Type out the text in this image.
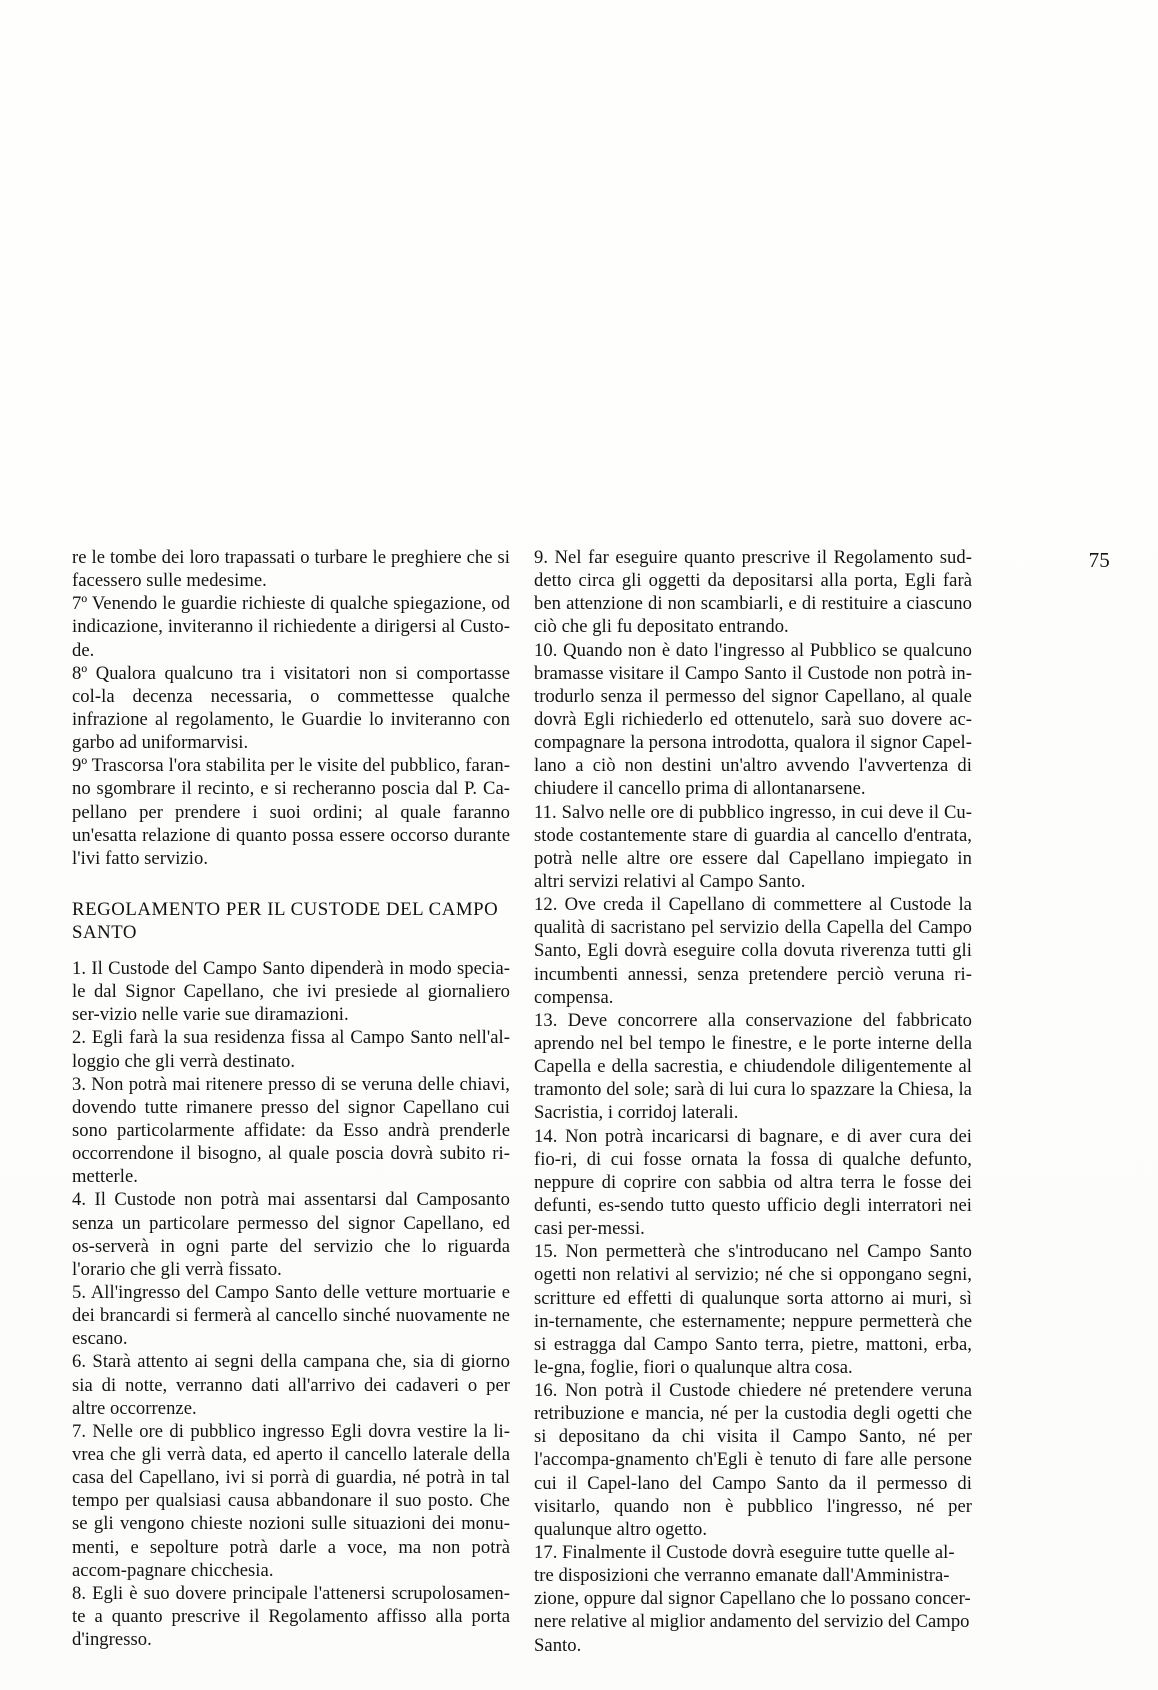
75

re le tombe dei loro trapassati o turbare le preghiere che si facessero sulle medesime.

7º Venendo le guardie richieste di qualche spiegazione, od indicazione, inviteranno il richiedente a dirigersi al Custo-de.

8º Qualora qualcuno tra i visitatori non si comportasse col-la decenza necessaria, o commettesse qualche infrazione al regolamento, le Guardie lo inviteranno con garbo ad uniformarvisi.

9º Trascorsa l'ora stabilita per le visite del pubblico, faran-no sgombrare il recinto, e si recheranno poscia dal P. Ca-pellano per prendere i suoi ordini; al quale faranno un'esatta relazione di quanto possa essere occorso durante l'ivi fatto servizio.

REGOLAMENTO PER IL CUSTODE DEL CAMPO SANTO

1. Il Custode del Campo Santo dipenderà in modo specia-le dal Signor Capellano, che ivi presiede al giornaliero ser-vizio nelle varie sue diramazioni.

2. Egli farà la sua residenza fissa al Campo Santo nell'al-loggio che gli verrà destinato.

3. Non potrà mai ritenere presso di se veruna delle chiavi, dovendo tutte rimanere presso del signor Capellano cui sono particolarmente affidate: da Esso andrà prenderle occorrendone il bisogno, al quale poscia dovrà subito ri-metterle.

4. Il Custode non potrà mai assentarsi dal Camposanto senza un particolare permesso del signor Capellano, ed os-serverà in ogni parte del servizio che lo riguarda l'orario che gli verrà fissato.

5. All'ingresso del Campo Santo delle vetture mortuarie e dei brancardi si fermerà al cancello sinché nuovamente ne escano.

6. Starà attento ai segni della campana che, sia di giorno sia di notte, verranno dati all'arrivo dei cadaveri o per altre occorrenze.

7. Nelle ore di pubblico ingresso Egli dovra vestire la li-vrea che gli verrà data, ed aperto il cancello laterale della casa del Capellano, ivi si porrà di guardia, né potrà in tal tempo per qualsiasi causa abbandonare il suo posto. Che se gli vengono chieste nozioni sulle situazioni dei monu-menti, e sepolture potrà darle a voce, ma non potrà accom-pagnare chicchesia.

8. Egli è suo dovere principale l'attenersi scrupolosamen-te a quanto prescrive il Regolamento affisso alla porta d'ingresso.

9. Nel far eseguire quanto prescrive il Regolamento sud-detto circa gli oggetti da depositarsi alla porta, Egli farà ben attenzione di non scambiarli, e di restituire a ciascuno ciò che gli fu depositato entrando.

10. Quando non è dato l'ingresso al Pubblico se qualcuno bramasse visitare il Campo Santo il Custode non potrà in-trodurlo senza il permesso del signor Capellano, al quale dovrà Egli richiederlo ed ottenutelo, sarà suo dovere ac-compagnare la persona introdotta, qualora il signor Capel-lano a ciò non destini un'altro avvendo l'avvertenza di chiudere il cancello prima di allontanarsene.

11. Salvo nelle ore di pubblico ingresso, in cui deve il Cu-stode costantemente stare di guardia al cancello d'entrata, potrà nelle altre ore essere dal Capellano impiegato in altri servizi relativi al Campo Santo.

12. Ove creda il Capellano di commettere al Custode la qualità di sacristano pel servizio della Capella del Campo Santo, Egli dovrà eseguire colla dovuta riverenza tutti gli incumbenti annessi, senza pretendere perciò veruna ri-compensa.

13. Deve concorrere alla conservazione del fabbricato aprendo nel bel tempo le finestre, e le porte interne della Capella e della sacrestia, e chiudendole diligentemente al tramonto del sole; sarà di lui cura lo spazzare la Chiesa, la Sacristia, i corridoj laterali.

14. Non potrà incaricarsi di bagnare, e di aver cura dei fio-ri, di cui fosse ornata la fossa di qualche defunto, neppure di coprire con sabbia od altra terra le fosse dei defunti, es-sendo tutto questo ufficio degli interratori nei casi per-messi.

15. Non permetterà che s'introducano nel Campo Santo ogetti non relativi al servizio; né che si oppongano segni, scritture ed effetti di qualunque sorta attorno ai muri, sì in-ternamente, che esternamente; neppure permetterà che si estragga dal Campo Santo terra, pietre, mattoni, erba, le-gna, foglie, fiori o qualunque altra cosa.

16. Non potrà il Custode chiedere né pretendere veruna retribuzione e mancia, né per la custodia degli ogetti che si depositano da chi visita il Campo Santo, né per l'accompa-gnamento ch'Egli è tenuto di fare alle persone cui il Capel-lano del Campo Santo da il permesso di visitarlo, quando non è pubblico l'ingresso, né per qualunque altro ogetto.

17. Finalmente il Custode dovrà eseguire tutte quelle al-tre disposizioni che verranno emanate dall'Amministra-zione, oppure dal signor Capellano che lo possano concer-nere relative al miglior andamento del servizio del Campo Santo.
